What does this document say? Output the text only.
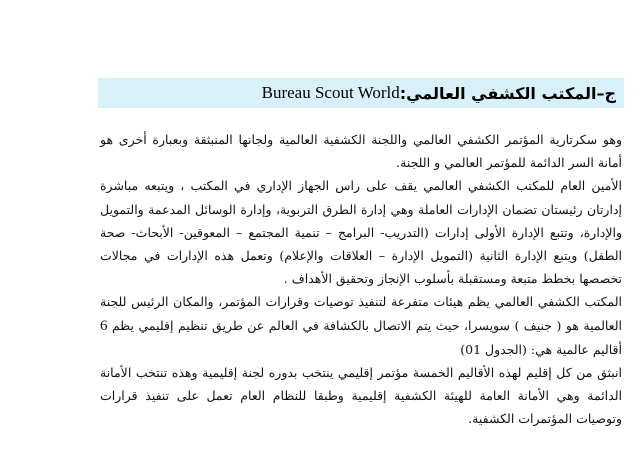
ج
–
المكتب الكشفي العالمي:
Bureau Scout World

وهو سكرتارية المؤتمر الكشفي العالمي واللجنة الكشفية العالمية ولجانها المنبثقة وبعبارة أخرى هو أمانة السر الدائمة للمؤتمر العالمي و اللجنة.

الأمين العام للمكتب الكشفي العالمي يقف على راس الجهاز الإداري في المكتب ، ويتبعه مباشرة إدارتان رئيستان تضمان الإدارات العاملة وهي إدارة الطرق التربوية، وإدارة الوسائل المدعمة والتمويل والإدارة، وتتبع الإدارة الأولى إدارات (التدريب- البرامج – تنمية المجتمع – المعوقين- الأبحاث- صحة الطفل) ويتبع الإدارة الثانية (التمويل الإدارة – العلاقات والإعلام) وتعمل هذه الإدارات في مجالات تخصصها بخطط متبعة ومستقبلة بأسلوب الإنجاز وتحقيق الأهداف .

المكتب الكشفي العالمي يظم هيئات متفرعة لتنفيذ توصيات وقرارات المؤتمر، والمكان الرئيس للجنة العالمية هو ( جنيف ) سويسرا، حيث يتم الاتصال بالكشافة في العالم عن طريق تنظيم إقليمي يظم 6 أقاليم عالمية هي: (الجدول 01)

انبثق من كل إقليم لهذه الأقاليم الخمسة مؤتمر إقليمي ينتخب بدوره لجنة إقليمية وهذه تنتخب الأمانة الدائمة وهي الأمانة العامة للهيئة الكشفية إقليمية وطبقا للنظام العام تعمل على تنفيذ قرارات وتوصيات المؤتمرات الكشفية.
